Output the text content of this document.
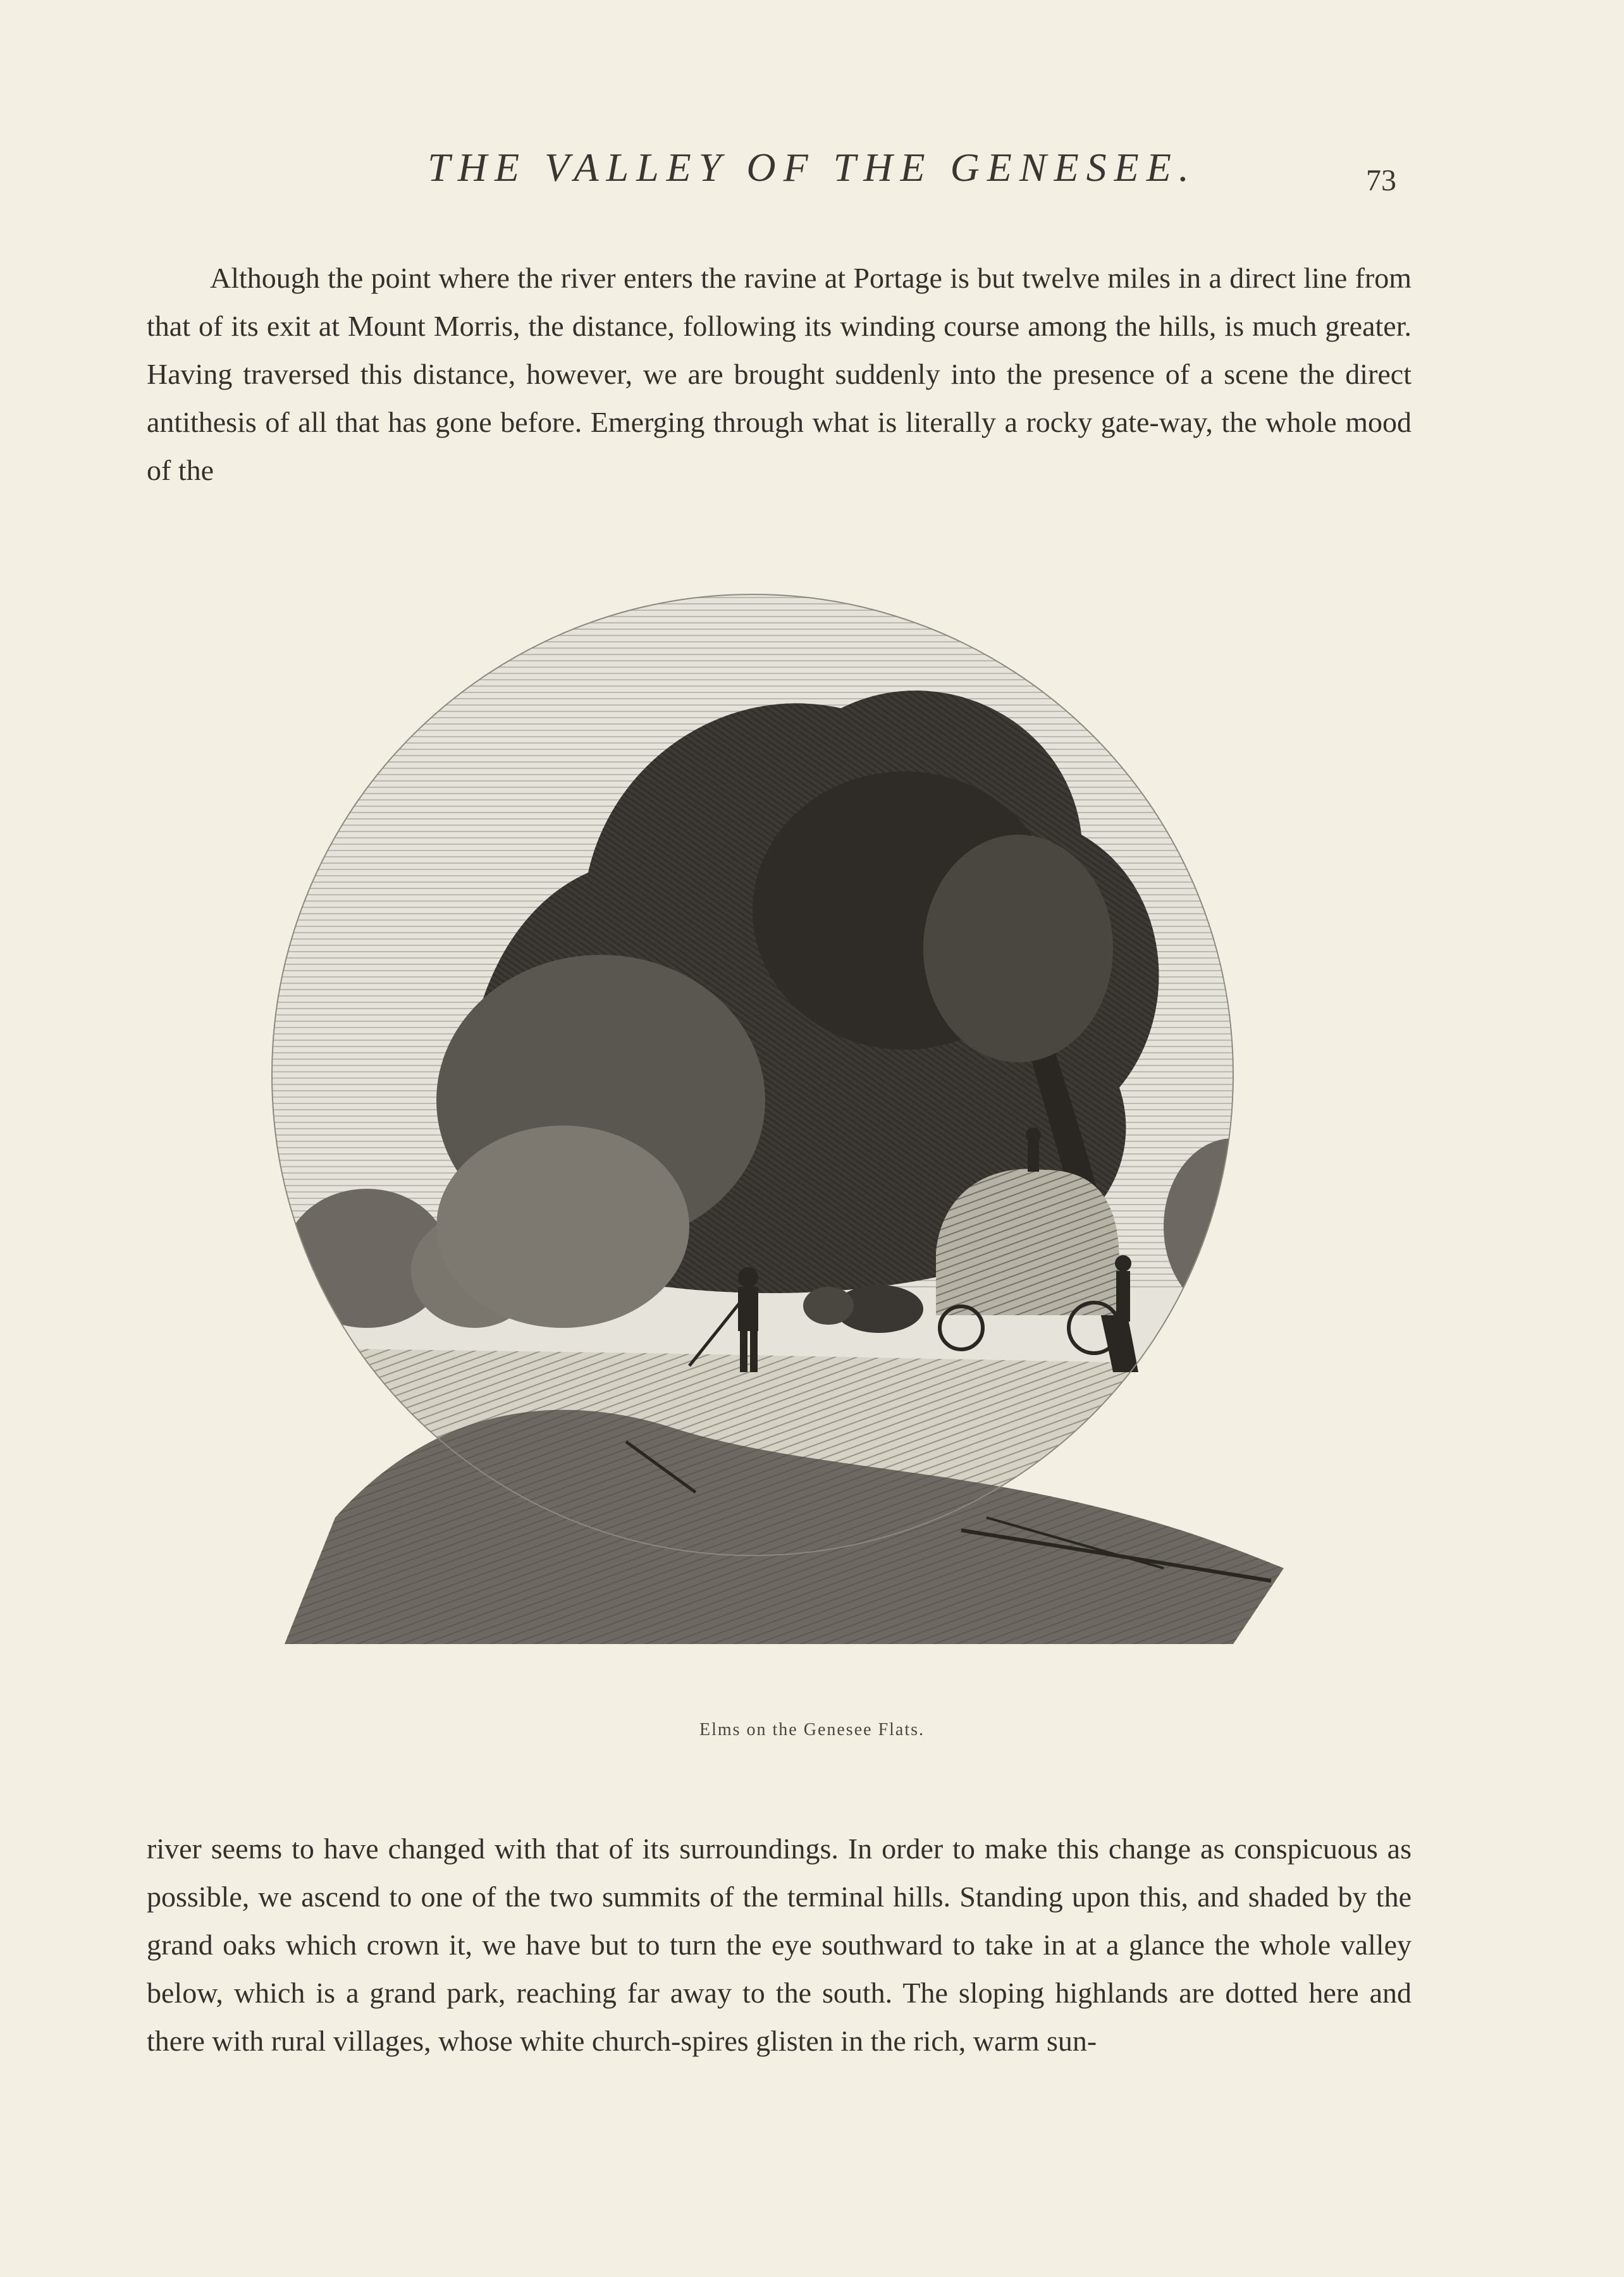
THE VALLEY OF THE GENESEE.	73

Although the point where the river enters the ravine at Portage is but twelve miles in a direct line from that of its exit at Mount Morris, the distance, following its winding course among the hills, is much greater. Having traversed this distance, however, we are brought suddenly into the presence of a scene the direct antithesis of all that has gone before. Emerging through what is literally a rocky gate-way, the whole mood of the

Elms on the Genesee Flats.

river seems to have changed with that of its surroundings. In order to make this change as conspicuous as possible, we ascend to one of the two summits of the terminal hills. Standing upon this, and shaded by the grand oaks which crown it, we have but to turn the eye southward to take in at a glance the whole valley below, which is a grand park, reaching far away to the south. The sloping highlands are dotted here and there with rural villages, whose white church-spires glisten in the rich, warm sun-
